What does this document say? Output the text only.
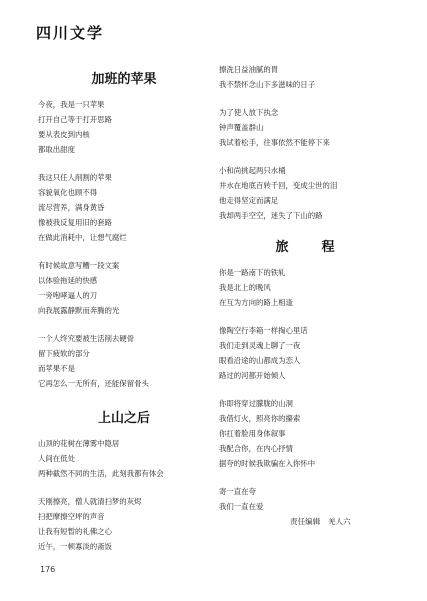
四川文学
加班的苹果
今夜，我是一只苹果
打开自己等于打开思路
要从表皮到内核
都取出甜度
我这只任人削割的苹果
容貌氧化也顾不得
流尽营养，满身黄昏
像被我反复用旧的套路
在做此消耗中，让想气腐烂
有时候故意写糟一段文案
以体验拖延的快感
一旁咆哮逼人的刀
向我展露静默而奔腾的光
一个人终究要被生活削去硬骨
留下疲软的部分
而苹果不是
它再怎么一无所有，还能保留骨头
上山之后
山顶的花树在薄雾中隐居
人间在低处
两种截然不同的生活，此刻我都有体会
天刚擦亮，僧人就清扫梦的灰烬
扫把摩擦空坪的声音
让我有短暂的礼佛之心
近午，一顿寡淡的斋饭
擦洗日益油腻的胃
我不禁怀念山下多滋味的日子
为了使人放下执念
钟声覆盖群山
我试着松手，往事依然不能停下来
小和尚挑起两只水桶
井水在地底百转千回，变成尘世的泪
他走得坚定而满足
我却两手空空，迷失了下山的路
旅　程
你是一路南下的铁轧
我是北上的晚风
在互为方向的路上相逢
像陶空行李箱一样掏心里话
我们走到灵魂上聊了一夜
眼看沿途的山都成为恋人
路过的河都开始倾人
你即将穿过朦胧的山洞
我借灯火，照亮你的攥索
你扛着脸用身体叙事
我配合你，在内心抒情
据夸的时候我欺骗在入你怀中
寄一直在夸
我们一直在爱
责任编辑　羌人六
176
